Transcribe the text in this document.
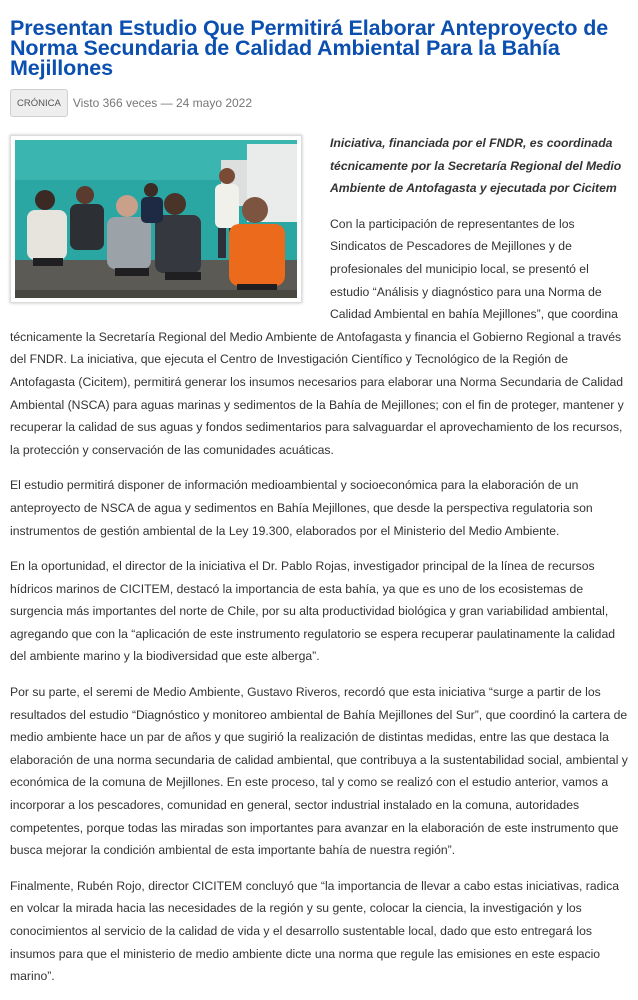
Presentan Estudio Que Permitirá Elaborar Anteproyecto de Norma Secundaria de Calidad Ambiental Para la Bahía Mejillones
CRÓNICA	Visto 366 veces — 24 mayo 2022

Iniciativa, financiada por el FNDR, es coordinada técnicamente por la Secretaría Regional del Medio Ambiente de Antofagasta y ejecutada por Cicitem

Con la participación de representantes de los Sindicatos de Pescadores de Mejillones y de profesionales del municipio local, se presentó el estudio “Análisis y diagnóstico para una Norma de Calidad Ambiental en bahía Mejillones”, que coordina técnicamente la Secretaría Regional del Medio Ambiente de Antofagasta y financia el Gobierno Regional a través del FNDR. La iniciativa, que ejecuta el Centro de Investigación Científico y Tecnológico de la Región de Antofagasta (Cicitem), permitirá generar los insumos necesarios para elaborar una Norma Secundaria de Calidad Ambiental (NSCA) para aguas marinas y sedimentos de la Bahía de Mejillones; con el fin de proteger, mantener y recuperar la calidad de sus aguas y fondos sedimentarios para salvaguardar el aprovechamiento de los recursos, la protección y conservación de las comunidades acuáticas.

El estudio permitirá disponer de información medioambiental y socioeconómica para la elaboración de un anteproyecto de NSCA de agua y sedimentos en Bahía Mejillones, que desde la perspectiva regulatoria son instrumentos de gestión ambiental de la Ley 19.300, elaborados por el Ministerio del Medio Ambiente.

En la oportunidad, el director de la iniciativa el Dr. Pablo Rojas, investigador principal de la línea de recursos hídricos marinos de CICITEM, destacó la importancia de esta bahía, ya que es uno de los ecosistemas de surgencia más importantes del norte de Chile, por su alta productividad biológica y gran variabilidad ambiental, agregando que con la “aplicación de este instrumento regulatorio se espera recuperar paulatinamente la calidad del ambiente marino y la biodiversidad que este alberga”.

Por su parte, el seremi de Medio Ambiente, Gustavo Riveros, recordó que esta iniciativa “surge a partir de los resultados del estudio “Diagnóstico y monitoreo ambiental de Bahía Mejillones del Sur”, que coordinó la cartera de medio ambiente hace un par de años y que sugirió la realización de distintas medidas, entre las que destaca la elaboración de una norma secundaria de calidad ambiental, que contribuya a la sustentabilidad social, ambiental y económica de la comuna de Mejillones. En este proceso, tal y como se realizó con el estudio anterior, vamos a incorporar a los pescadores, comunidad en general, sector industrial instalado en la comuna, autoridades competentes, porque todas las miradas son importantes para avanzar en la elaboración de este instrumento que busca mejorar la condición ambiental de esta importante bahía de nuestra región”.

Finalmente, Rubén Rojo, director CICITEM concluyó que “la importancia de llevar a cabo estas iniciativas, radica en volcar la mirada hacia las necesidades de la región y su gente, colocar la ciencia, la investigación y los conocimientos al servicio de la calidad de vida y el desarrollo sustentable local, dado que esto entregará los insumos para que el ministerio de medio ambiente dicte una norma que regule las emisiones en este espacio marino”.
